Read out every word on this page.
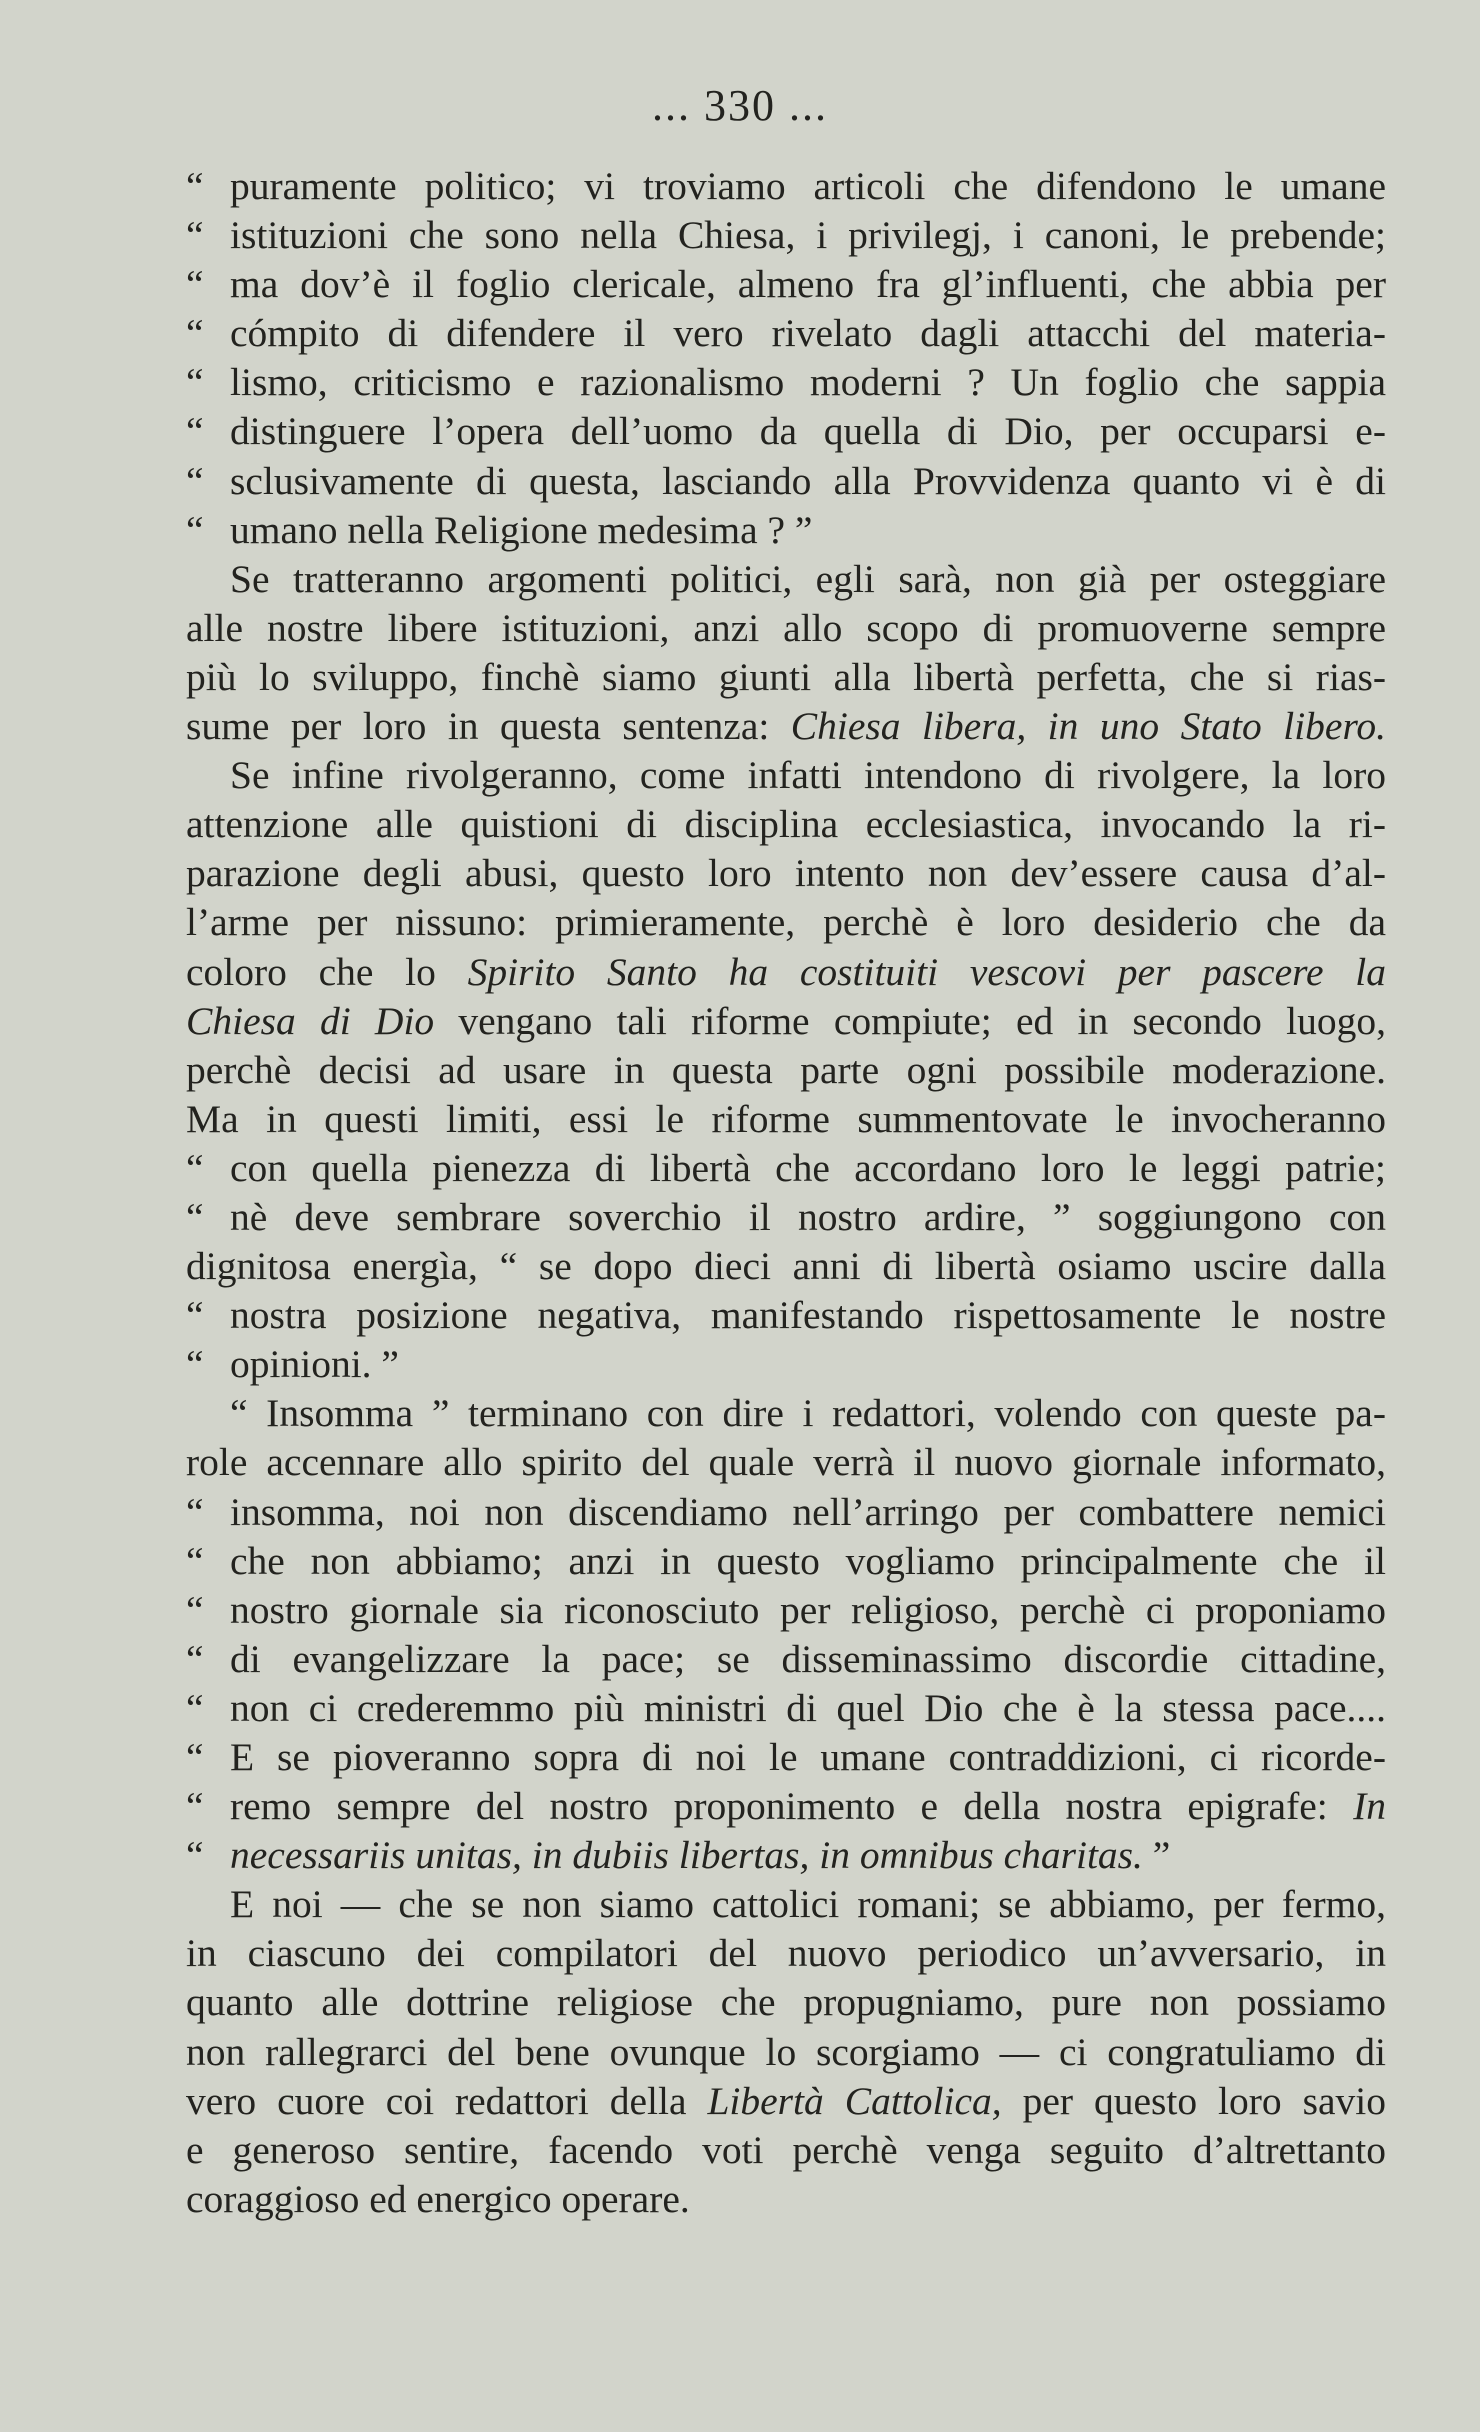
... 330 ...
“ puramente politico; vi troviamo articoli che difendono le umane
“ istituzioni che sono nella Chiesa, i privilegj, i canoni, le prebende;
“ ma dov’è il foglio clericale, almeno fra gl’influenti, che abbia per
“ cómpito di difendere il vero rivelato dagli attacchi del materia-
“ lismo, criticismo e razionalismo moderni ? Un foglio che sappia
“ distinguere l’opera dell’uomo da quella di Dio, per occuparsi e-
“ sclusivamente di questa, lasciando alla Provvidenza quanto vi è di
“ umano nella Religione medesima ? ”
Se tratteranno argomenti politici, egli sarà, non già per osteggiare
alle nostre libere istituzioni, anzi allo scopo di promuoverne sempre
più lo sviluppo, finchè siamo giunti alla libertà perfetta, che si rias-
sume per loro in questa sentenza: Chiesa libera, in uno Stato libero.
Se infine rivolgeranno, come infatti intendono di rivolgere, la loro
attenzione alle quistioni di disciplina ecclesiastica, invocando la ri-
parazione degli abusi, questo loro intento non dev’essere causa d’al-
l’arme per nissuno: primieramente, perchè è loro desiderio che da
coloro che lo Spirito Santo ha costituiti vescovi per pascere la
Chiesa di Dio vengano tali riforme compiute; ed in secondo luogo,
perchè decisi ad usare in questa parte ogni possibile moderazione.
Ma in questi limiti, essi le riforme summentovate le invocheranno
“ con quella pienezza di libertà che accordano loro le leggi patrie;
“ nè deve sembrare soverchio il nostro ardire, ” soggiungono con
dignitosa energìa, “ se dopo dieci anni di libertà osiamo uscire dalla
“ nostra posizione negativa, manifestando rispettosamente le nostre
“ opinioni. ”
“ Insomma ” terminano con dire i redattori, volendo con queste pa-
role accennare allo spirito del quale verrà il nuovo giornale informato,
“ insomma, noi non discendiamo nell’arringo per combattere nemici
“ che non abbiamo; anzi in questo vogliamo principalmente che il
“ nostro giornale sia riconosciuto per religioso, perchè ci proponiamo
“ di evangelizzare la pace; se disseminassimo discordie cittadine,
“ non ci crederemmo più ministri di quel Dio che è la stessa pace....
“ E se pioveranno sopra di noi le umane contraddizioni, ci ricorde-
“ remo sempre del nostro proponimento e della nostra epigrafe: In
“ necessariis unitas, in dubiis libertas, in omnibus charitas. ”
E noi — che se non siamo cattolici romani; se abbiamo, per fermo,
in ciascuno dei compilatori del nuovo periodico un’avversario, in
quanto alle dottrine religiose che propugniamo, pure non possiamo
non rallegrarci del bene ovunque lo scorgiamo — ci congratuliamo di
vero cuore coi redattori della Libertà Cattolica, per questo loro savio
e generoso sentire, facendo voti perchè venga seguito d’altrettanto
coraggioso ed energico operare.
